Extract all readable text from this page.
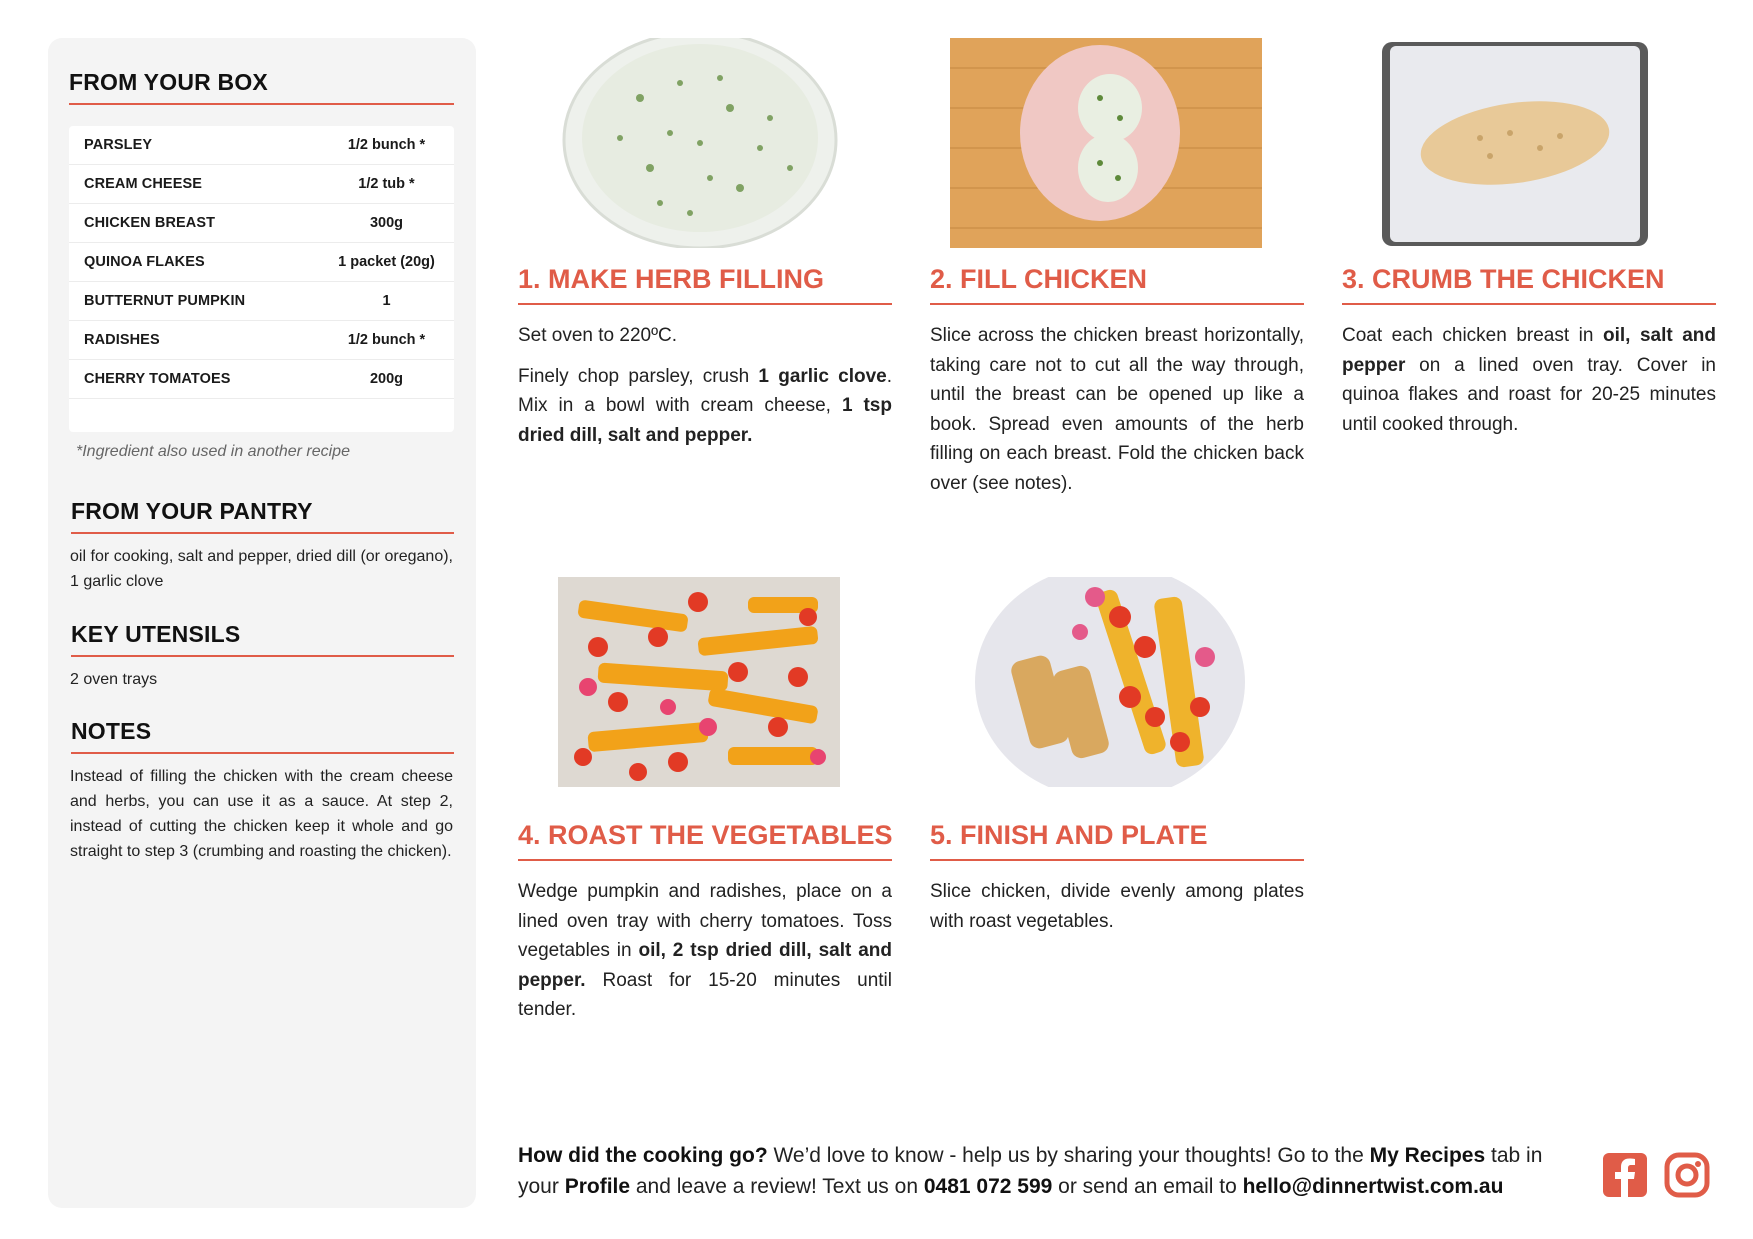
FROM YOUR BOX
PARSLEY	1/2 bunch *
CREAM CHEESE	1/2 tub *
CHICKEN BREAST	300g
QUINOA FLAKES	1 packet (20g)
BUTTERNUT PUMPKIN	1
RADISHES	1/2 bunch *
CHERRY TOMATOES	200g
*Ingredient also used in another recipe
FROM YOUR PANTRY

oil for cooking, salt and pepper, dried dill (or oregano), 1 garlic clove

KEY UTENSILS

2 oven trays

NOTES

Instead of filling the chicken with the cream cheese and herbs, you can use it as a sauce. At step 2, instead of cutting the chicken keep it whole and go straight to step 3 (crumbing and roasting the chicken).

1. MAKE HERB FILLING

Set oven to 220ºC.

Finely chop parsley, crush 1 garlic clove. Mix in a bowl with cream cheese, 1 tsp dried dill, salt and pepper.

2. FILL CHICKEN

Slice across the chicken breast horizontally, taking care not to cut all the way through, until the breast can be opened up like a book. Spread even amounts of the herb filling on each breast. Fold the chicken back over (see notes).

3. CRUMB THE CHICKEN

Coat each chicken breast in oil, salt and pepper on a lined oven tray. Cover in quinoa flakes and roast for 20-25 minutes until cooked through.

4. ROAST THE VEGETABLES

Wedge pumpkin and radishes, place on a lined oven tray with cherry tomatoes. Toss vegetables in oil, 2 tsp dried dill, salt and pepper. Roast for 15-20 minutes until tender.

5. FINISH AND PLATE

Slice chicken, divide evenly among plates with roast vegetables.

How did the cooking go? We’d love to know - help us by sharing your thoughts! Go to the My Recipes tab in your Profile and leave a review! Text us on 0481 072 599 or send an email to hello@dinnertwist.com.au
